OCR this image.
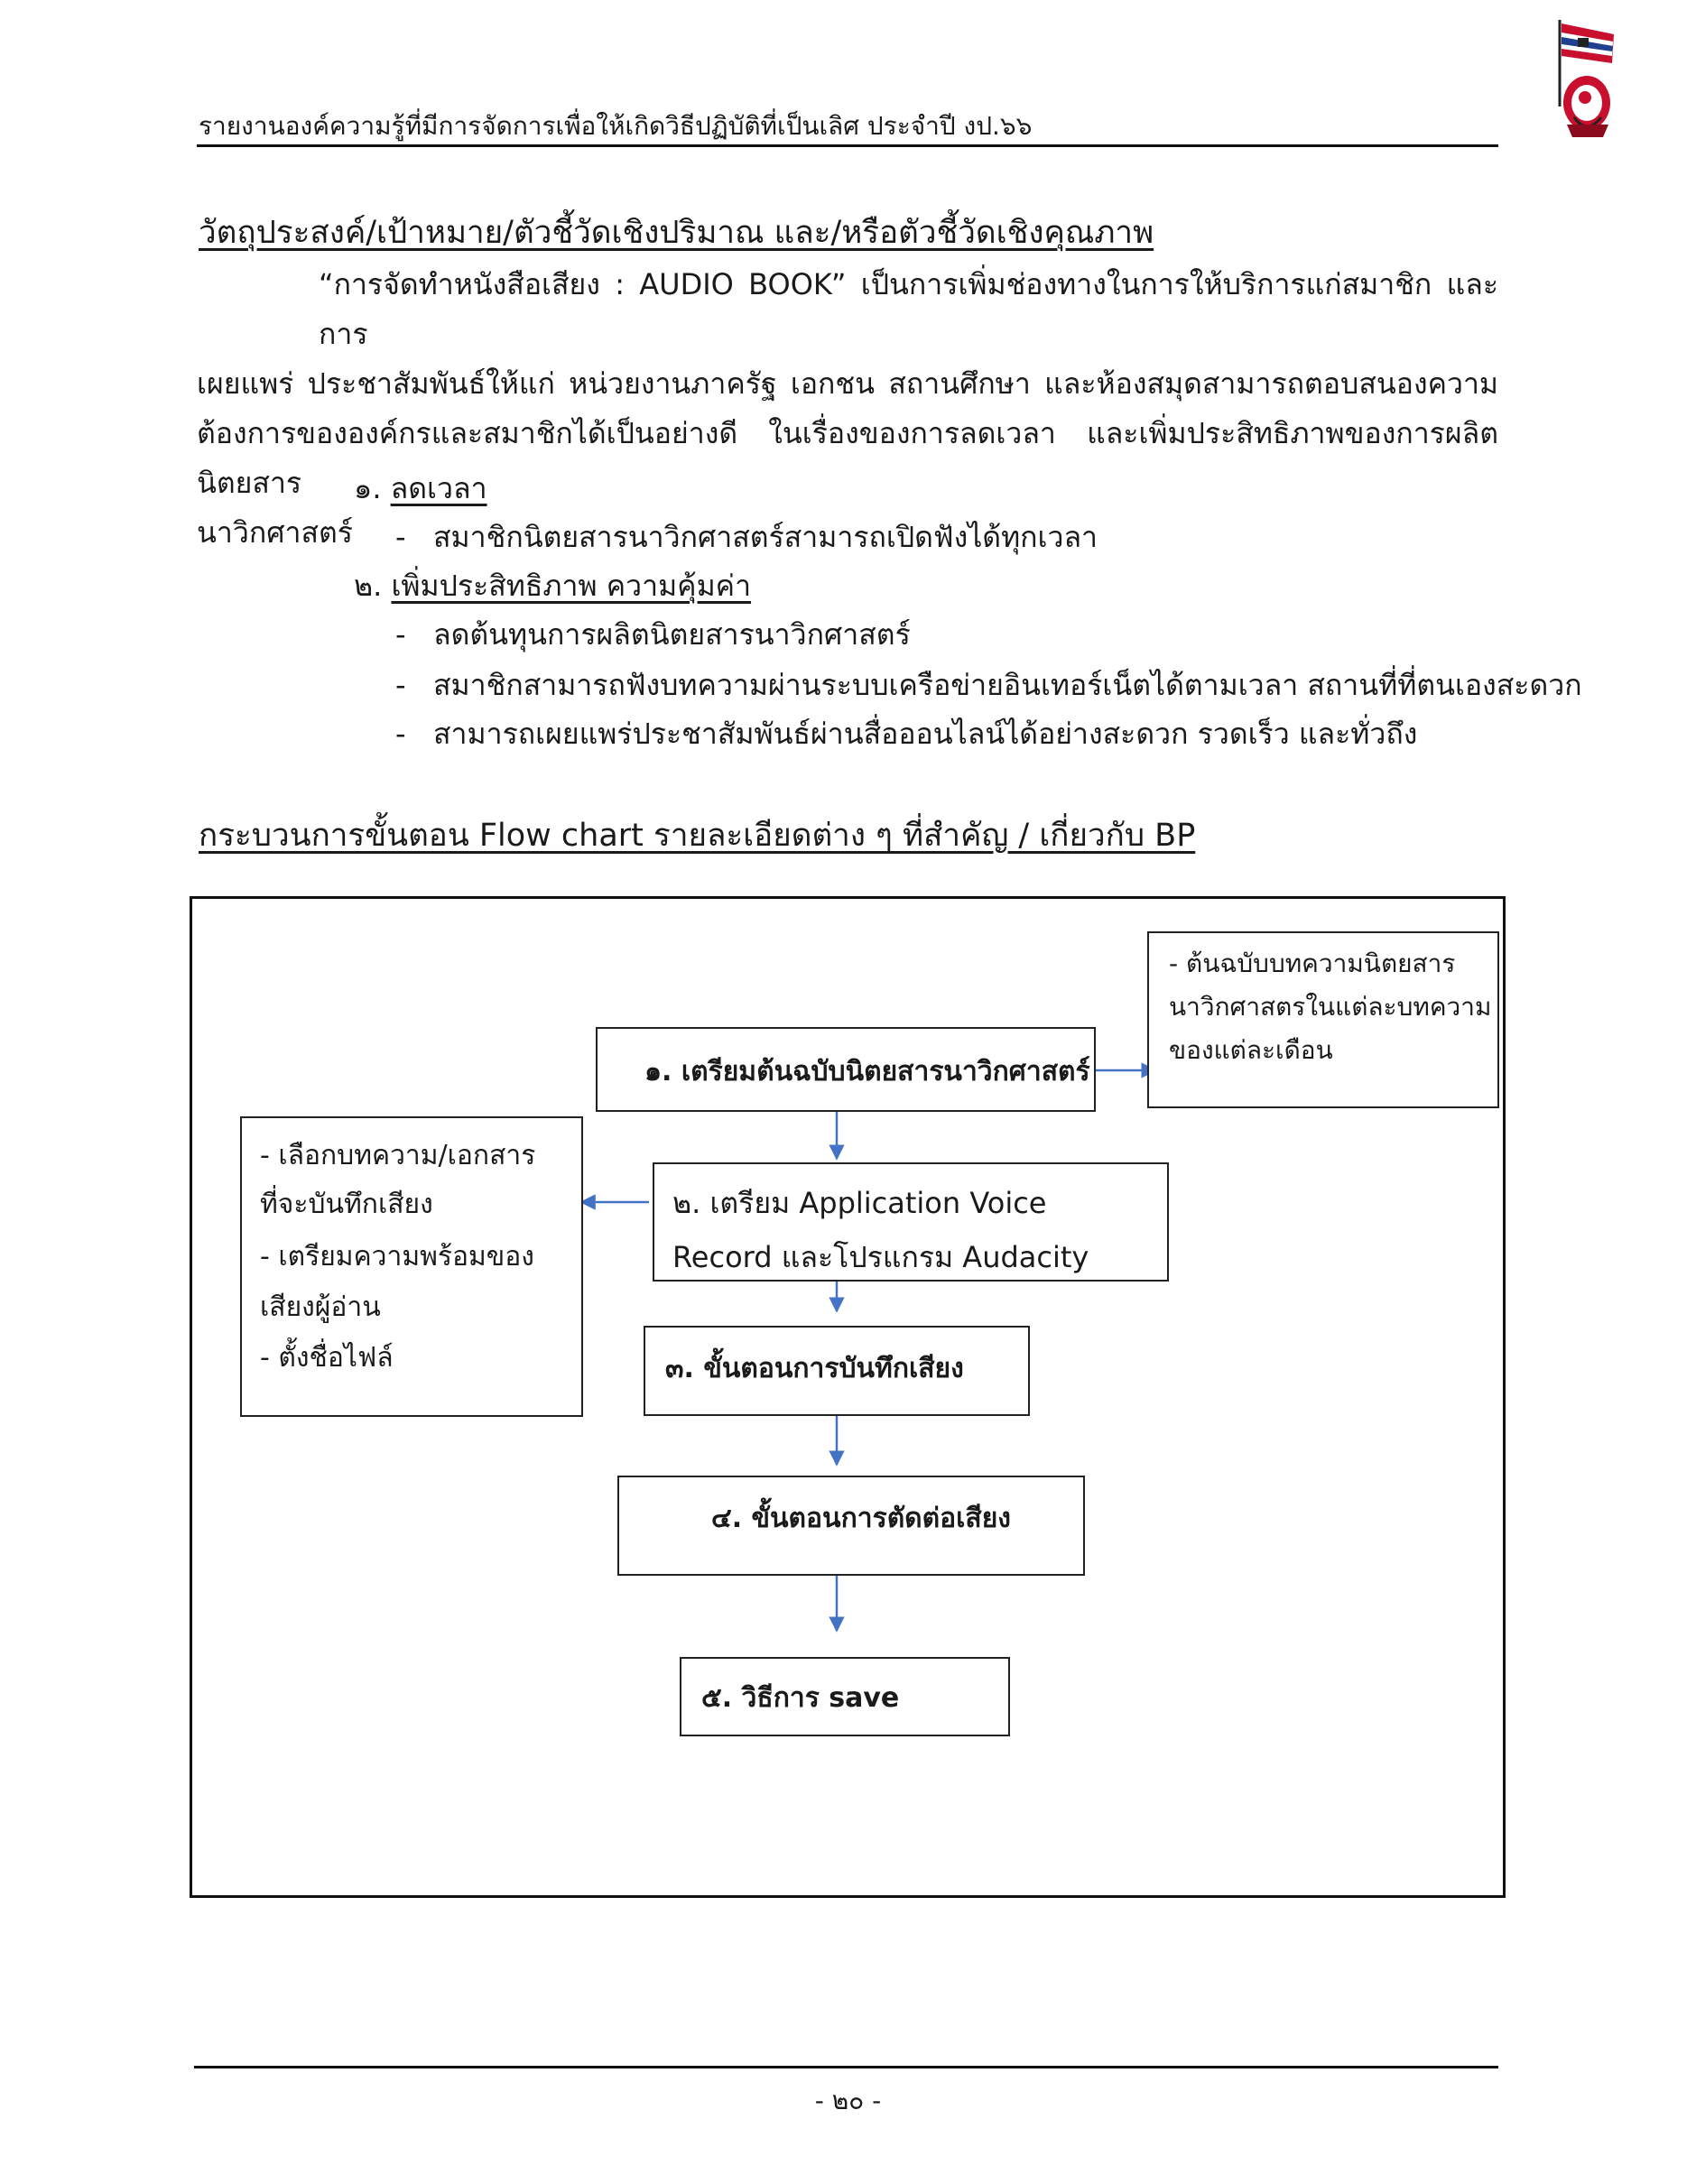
รายงานองค์ความรู้ที่มีการจัดการเพื่อให้เกิดวิธีปฏิบัติที่เป็นเลิศ ประจำปี งป.๖๖
วัตถุประสงค์/เป้าหมาย/ตัวชี้วัดเชิงปริมาณ และ/หรือตัวชี้วัดเชิงคุณภาพ
“การจัดทำหนังสือเสียง : AUDIO BOOK” เป็นการเพิ่มช่องทางในการให้บริการแก่สมาชิก และการ
เผยแพร่ ประชาสัมพันธ์ให้แก่ หน่วยงานภาครัฐ เอกชน สถานศึกษา และห้องสมุดสามารถตอบสนองความ
ต้องการขององค์กรและสมาชิกได้เป็นอย่างดี ในเรื่องของการลดเวลา และเพิ่มประสิทธิภาพของการผลิตนิตยสาร
นาวิกศาสตร์
๑. ลดเวลา
- สมาชิกนิตยสารนาวิกศาสตร์สามารถเปิดฟังได้ทุกเวลา
๒. เพิ่มประสิทธิภาพ ความคุ้มค่า
- ลดต้นทุนการผลิตนิตยสารนาวิกศาสตร์
- สมาชิกสามารถฟังบทความผ่านระบบเครือข่ายอินเทอร์เน็ตได้ตามเวลา สถานที่ที่ตนเองสะดวก
- สามารถเผยแพร่ประชาสัมพันธ์ผ่านสื่อออนไลน์ได้อย่างสะดวก รวดเร็ว และทั่วถึง
กระบวนการขั้นตอน Flow chart รายละเอียดต่าง ๆ ที่สำคัญ / เกี่ยวกับ BP
๑. เตรียมต้นฉบับนิตยสารนาวิกศาสตร์
- ต้นฉบับบทความนิตยสาร
นาวิกศาสตรในแต่ละบทความ
ของแต่ละเดือน
๒. เตรียม Application Voice
Record และโปรแกรม Audacity
- เลือกบทความ/เอกสาร
ที่จะบันทึกเสียง
- เตรียมความพร้อมของ
เสียงผู้อ่าน
- ตั้งชื่อไฟล์	๓. ขั้นตอนการบันทึกเสียง
๔. ขั้นตอนการตัดต่อเสียง
๕. วิธีการ save
- ๒๐ -
